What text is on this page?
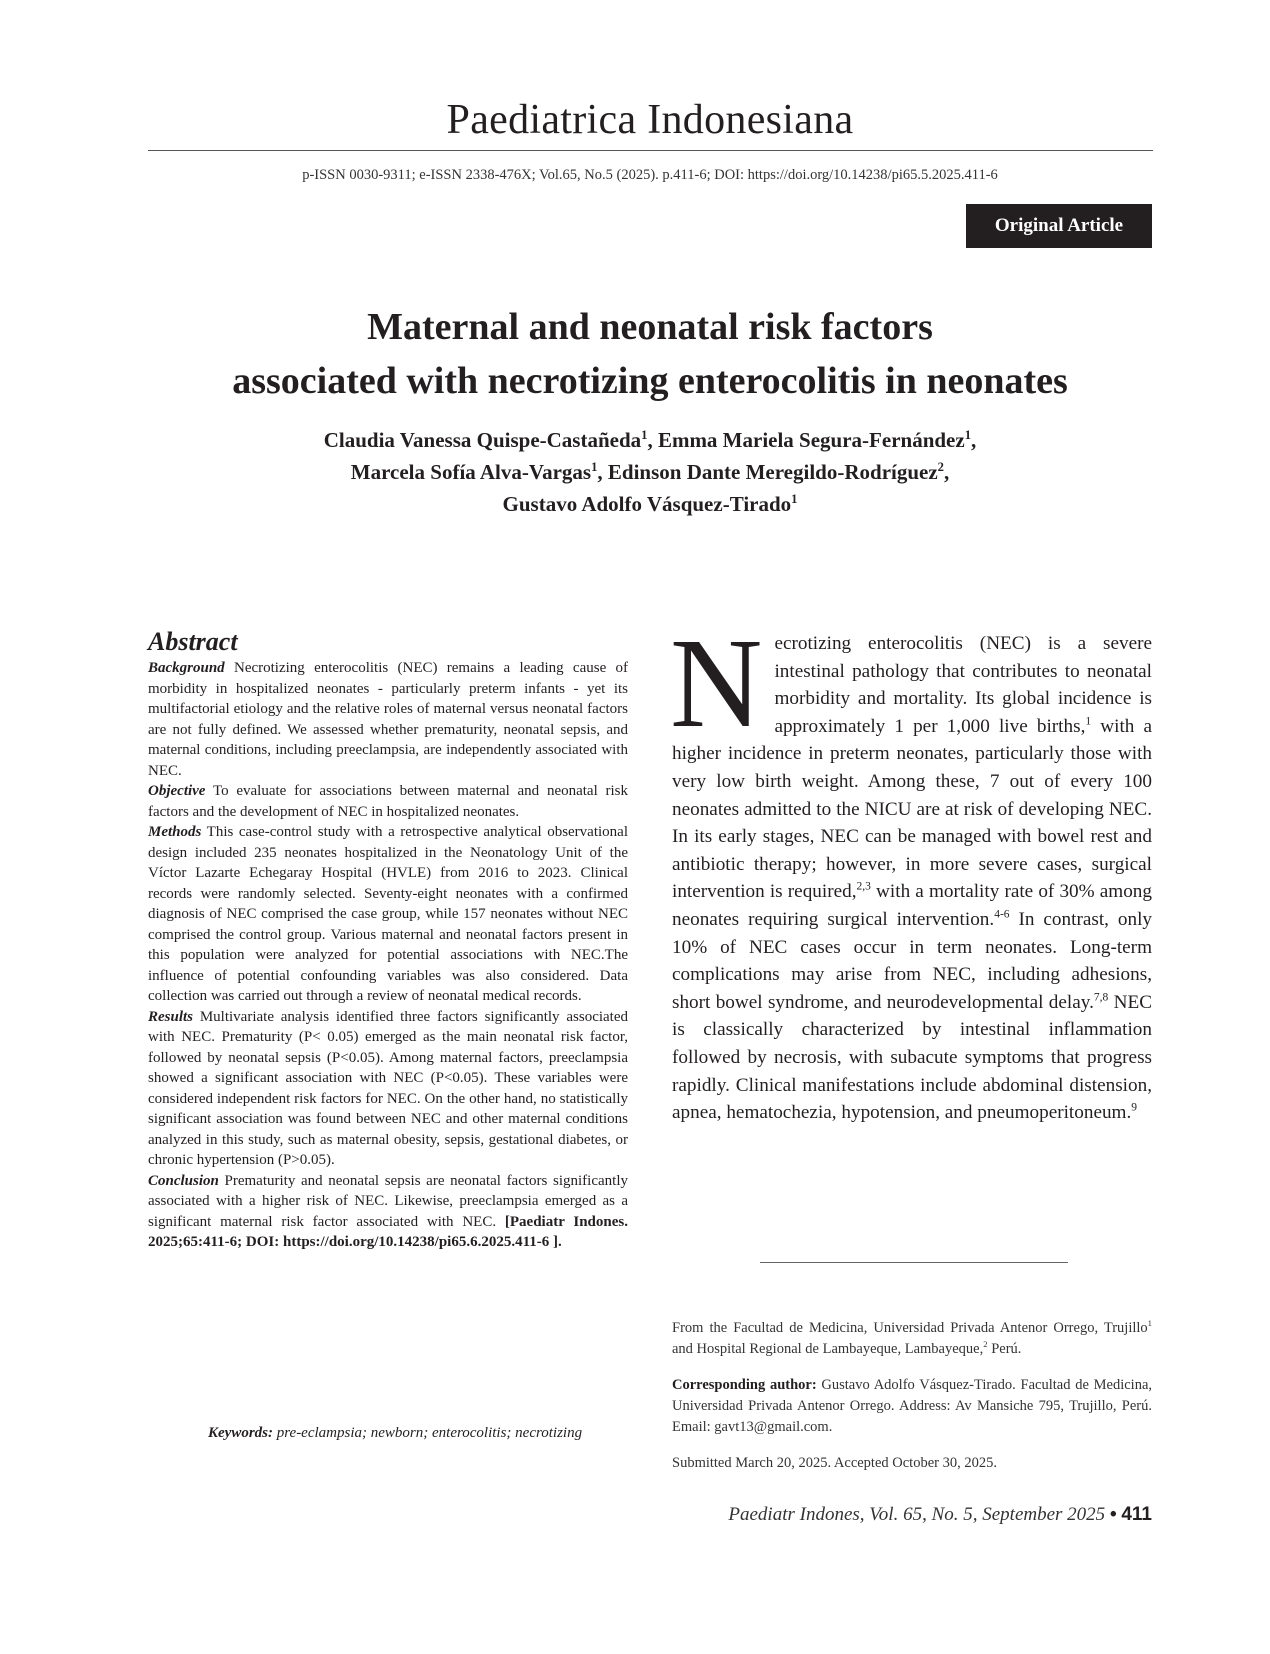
Paediatrica Indonesiana
p-ISSN 0030-9311; e-ISSN 2338-476X; Vol.65, No.5 (2025). p.411-6; DOI: https://doi.org/10.14238/pi65.5.2025.411-6
Original Article
Maternal and neonatal risk factors
associated with necrotizing enterocolitis in neonates
Claudia Vanessa Quispe-Castañeda$^1$, Emma Mariela Segura-Fernández$^1$,
Marcela Sofía Alva-Vargas$^1$, Edinson Dante Meregildo-Rodríguez$^2$,
Gustavo Adolfo Vásquez-Tirado$^1$
Abstract

Background Necrotizing enterocolitis (NEC) remains a leading cause of morbidity in hospitalized neonates - particularly preterm infants - yet its multifactorial etiology and the relative roles of maternal versus neonatal factors are not fully defined. We assessed whether prematurity, neonatal sepsis, and maternal conditions, including preeclampsia, are independently associated with NEC.

Objective To evaluate for associations between maternal and neonatal risk factors and the development of NEC in hospitalized neonates.

Methods This case-control study with a retrospective analytical observational design included 235 neonates hospitalized in the Neonatology Unit of the Víctor Lazarte Echegaray Hospital (HVLE) from 2016 to 2023. Clinical records were randomly selected. Seventy-eight neonates with a confirmed diagnosis of NEC comprised the case group, while 157 neonates without NEC comprised the control group. Various maternal and neonatal factors present in this population were analyzed for potential associations with NEC.The influence of potential confounding variables was also considered. Data collection was carried out through a review of neonatal medical records.

Results Multivariate analysis identified three factors significantly associated with NEC. Prematurity (P< 0.05) emerged as the main neonatal risk factor, followed by neonatal sepsis (P<0.05). Among maternal factors, preeclampsia showed a significant association with NEC (P<0.05). These variables were considered independent risk factors for NEC. On the other hand, no statistically significant association was found between NEC and other maternal conditions analyzed in this study, such as maternal obesity, sepsis, gestational diabetes, or chronic hypertension (P>0.05).

Conclusion Prematurity and neonatal sepsis are neonatal factors significantly associated with a higher risk of NEC. Likewise, preeclampsia emerged as a significant maternal risk factor associated with NEC. [Paediatr Indones. 2025;65:411-6; DOI: https://doi.org/10.14238/pi65.6.2025.411-6 ].

Keywords: pre-eclampsia; newborn; enterocolitis; necrotizing

Necrotizing enterocolitis (NEC) is a severe intestinal pathology that contributes to neonatal morbidity and mortality. Its global incidence is approximately 1 per 1,000 live births,$^1$ with a higher incidence in preterm neonates, particularly those with very low birth weight. Among these, 7 out of every 100 neonates admitted to the NICU are at risk of developing NEC. In its early stages, NEC can be managed with bowel rest and antibiotic therapy; however, in more severe cases, surgical intervention is required,$^{2,3}$ with a mortality rate of 30% among neonates requiring surgical intervention.$^{4-6}$ In contrast, only 10% of NEC cases occur in term neonates. Long-term complications may arise from NEC, including adhesions, short bowel syndrome, and neurodevelopmental delay.$^{7,8}$ NEC is classically characterized by intestinal inflammation followed by necrosis, with subacute symptoms that progress rapidly. Clinical manifestations include abdominal distension, apnea, hematochezia, hypotension, and pneumoperitoneum.$^9$

From the Facultad de Medicina, Universidad Privada Antenor Orrego, Trujillo$^1$ and Hospital Regional de Lambayeque, Lambayeque,$^2$ Perú.

Corresponding author: Gustavo Adolfo Vásquez-Tirado. Facultad de Medicina, Universidad Privada Antenor Orrego. Address: Av Mansiche 795, Trujillo, Perú. Email: gavt13@gmail.com.

Submitted March 20, 2025. Accepted October 30, 2025.

Paediatr Indones, Vol. 65, No. 5, September 2025 • 411
